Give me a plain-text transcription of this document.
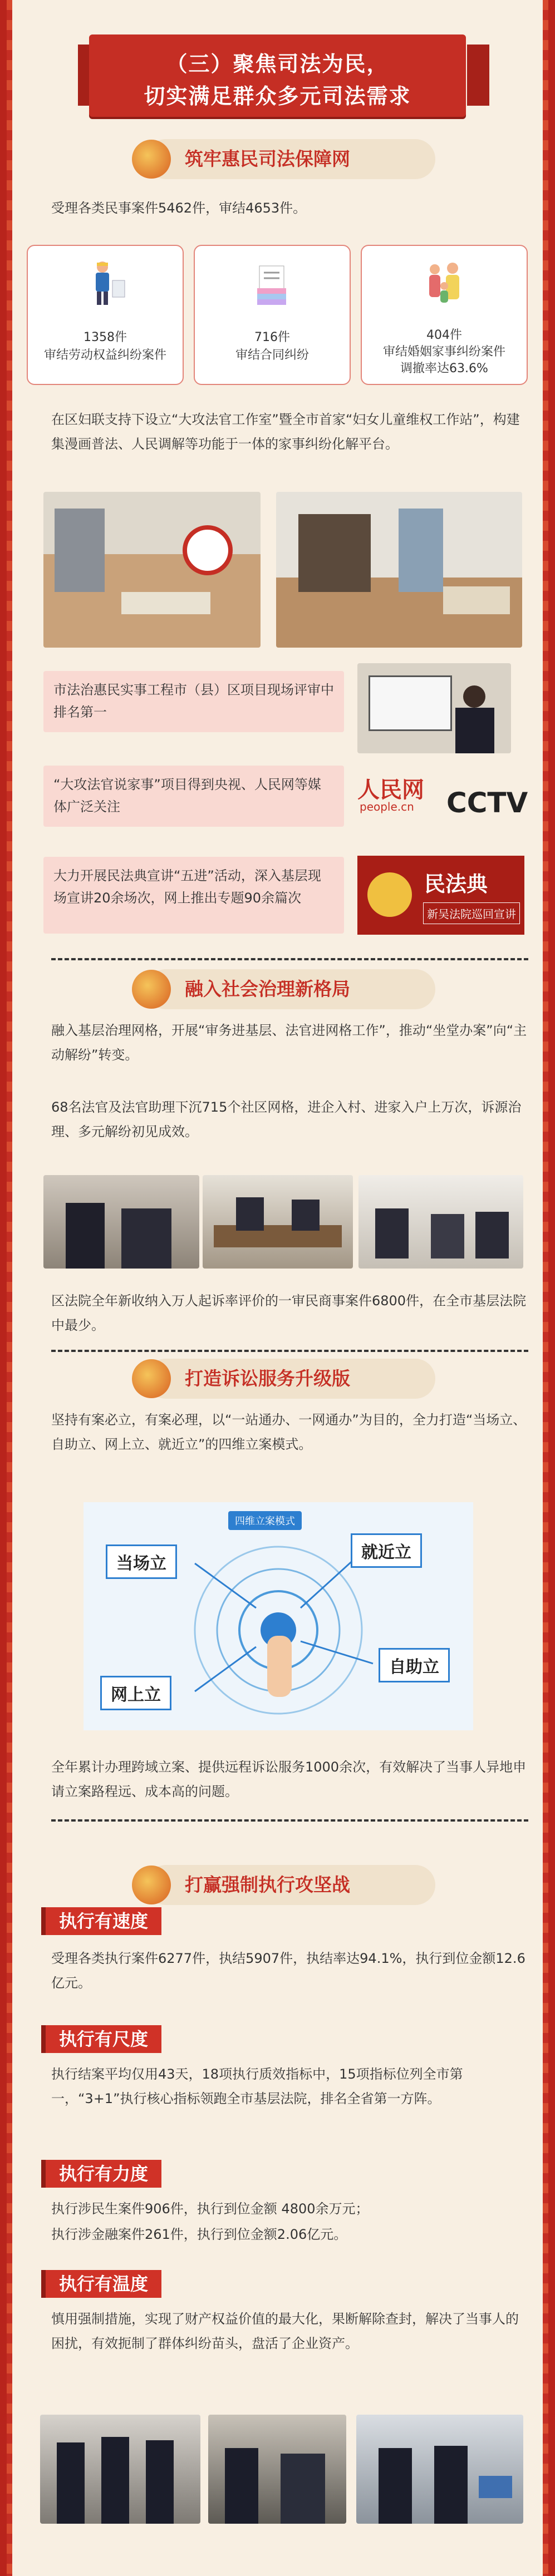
（三）聚焦司法为民，
切实满足群众多元司法需求
筑牢惠民司法保障网
受理各类民事案件5462件，审结4653件。
1358件
审结劳动权益纠纷案件
716件
审结合同纠纷
404件
审结婚姻家事纠纷案件
调撤率达63.6%
在区妇联支持下设立“大攻法官工作室”暨全市首家“妇女儿童维权工作站”，构建集漫画普法、人民调解等功能于一体的家事纠纷化解平台。
市法治惠民实事工程市（县）区项目现场评审中排名第一
“大攻法官说家事”项目得到央视、人民网等媒体广泛关注
人民网
people.cn CCTV
大力开展民法典宣讲“五进”活动，深入基层现场宣讲20余场次，网上推出专题90余篇次
民法典
新吴法院巡回宣讲
融入社会治理新格局
融入基层治理网格，开展“审务进基层、法官进网格工作”，推动“坐堂办案”向“主动解纷”转变。
68名法官及法官助理下沉715个社区网格，进企入村、进家入户上万次，诉源治理、多元解纷初见成效。
区法院全年新收纳入万人起诉率评价的一审民商事案件6800件，在全市基层法院中最少。
打造诉讼服务升级版
坚持有案必立，有案必理，以“一站通办、一网通办”为目的，全力打造“当场立、自助立、网上立、就近立”的四维立案模式。
四维立案模式
当场立
就近立
网上立
自助立
全年累计办理跨域立案、提供远程诉讼服务1000余次，有效解决了当事人异地申请立案路程远、成本高的问题。
打赢强制执行攻坚战
执行有速度
受理各类执行案件6277件，执结5907件，执结率达94.1%，执行到位金额12.6亿元。
执行有尺度
执行结案平均仅用43天，18项执行质效指标中，15项指标位列全市第一，“3+1”执行核心指标领跑全市基层法院，排名全省第一方阵。
执行有力度
执行涉民生案件906件，执行到位金额 4800余万元；
执行涉金融案件261件，执行到位金额2.06亿元。
执行有温度
慎用强制措施，实现了财产权益价值的最大化，果断解除查封，解决了当事人的困扰，有效扼制了群体纠纷苗头，盘活了企业资产。
